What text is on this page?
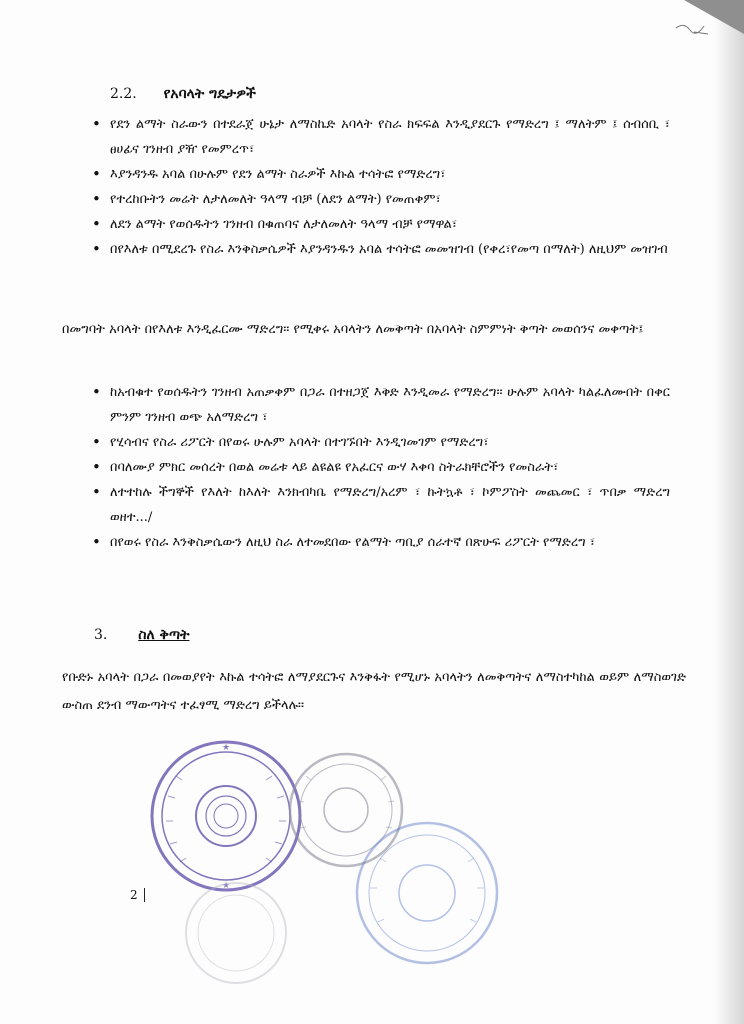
2.2. የአባላት ግዴታዎች
• የደን ልማት ስራውን በተደራጀ ሁኔታ ለማስኬድ አባላት የስራ ክፍፍል እንዲያደርጉ የማድረግ ፤ ማለትም ፤ ሰብሰቢ ፣ ፀሀፊና ገንዘብ ያዥ የመምረጥ፣
• እያንዳንዱ አባል በሁሉም የደን ልማት ስራዎች እኩል ተሳትፎ የማድረግ፣
• የተረከቡትን መሬት ለታለመለት ዓላማ ብቻ (ለደን ልማት) የመጠቀም፣
• ለደን ልማት የወሰዱትን ገንዘብ በቁጠባና ለታለመለት ዓላማ ብቻ የማዋል፣
• በየእለቱ በሚደረጉ የስራ እንቅስቃሴዎች እያንዳንዱን አባል ተሳትፎ መመዝገብ (የቀረ፣የመጣ በማለት) ለዚህም መዝገብ

በመግባት አባላት በየእለቱ እንዲፈርሙ ማድረግ፡፡ የሚቀሩ አባላትን ለመቅጣት በአባላት ስምምነት ቅጣት መወሰንና መቀጣት፤

• ከአብቁተ የወሰዱትን ገንዘብ አጠቃቀም በጋራ በተዘጋጀ እቅድ እንዲመራ የማድረግ፡፡ ሁሉም አባላት ካልፈለሙበት በቀር ምንም ገንዘብ ወጭ አለማድረግ ፣
• የሂሳብና የስራ ሪፖርት በየወሩ ሁሉም አባላት በተገኙበት እንዲገመገም የማድረግ፣
• በባለሙያ ምክር መሰረት በወል መሬቱ ላይ ልዩልዩ የአፈርና ውሃ እቀባ ስትራክቸሮችን የመስራት፣
• ለተተከሉ ችግኞች የእለት ከእለት እንክብካቤ የማድረግ/አረም ፣ ኩትኳቶ ፣ ኮምፖስት መጨመር ፣ ጥበቃ ማድረግ ወዘተ.../
• በየወሩ የስራ እንቅስቃሴውን ለዚህ ስራ ለተመደበው የልማት ጣቢያ ሰራተኛ በጽሁፍ ሪፖርት የማድረግ ፣
3. ስለ ቅጣት

የቡድኑ አባላት በጋራ በመወያየት እኩል ተሳትፎ ለማያደርጉና እንቅፋት የሚሆኑ አባላትን ለመቅጣትና ለማስተካከል ወይም ለማስወገድ ውስጠ ደንብ ማውጣትና ተፈፃሚ ማድረግ ይችላሉ፡፡

2
★
★
